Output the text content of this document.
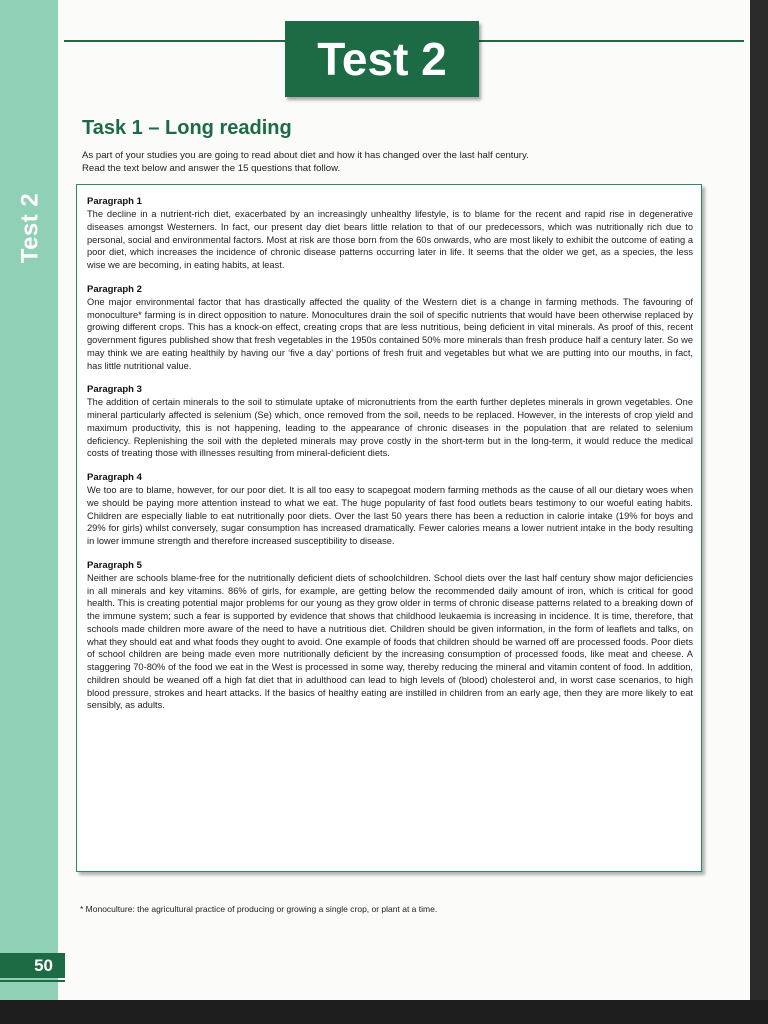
Test 2
Test 2
Task 1 – Long reading
As part of your studies you are going to read about diet and how it has changed over the last half century.
Read the text below and answer the 15 questions that follow.
Paragraph 1
The decline in a nutrient-rich diet, exacerbated by an increasingly unhealthy lifestyle, is to blame for the recent and rapid rise in degenerative diseases amongst Westerners. In fact, our present day diet bears little relation to that of our predecessors, which was nutritionally rich due to personal, social and environmental factors. Most at risk are those born from the 60s onwards, who are most likely to exhibit the outcome of eating a poor diet, which increases the incidence of chronic disease patterns occurring later in life. It seems that the older we get, as a species, the less wise we are becoming, in eating habits, at least.
Paragraph 2
One major environmental factor that has drastically affected the quality of the Western diet is a change in farming methods. The favouring of monoculture* farming is in direct opposition to nature. Monocultures drain the soil of specific nutrients that would have been otherwise replaced by growing different crops. This has a knock-on effect, creating crops that are less nutritious, being deficient in vital minerals. As proof of this, recent government figures published show that fresh vegetables in the 1950s contained 50% more minerals than fresh produce half a century later. So we may think we are eating healthily by having our ‘five a day’ portions of fresh fruit and vegetables but what we are putting into our mouths, in fact, has little nutritional value.
Paragraph 3
The addition of certain minerals to the soil to stimulate uptake of micronutrients from the earth further depletes minerals in grown vegetables. One mineral particularly affected is selenium (Se) which, once removed from the soil, needs to be replaced. However, in the interests of crop yield and maximum productivity, this is not happening, leading to the appearance of chronic diseases in the population that are related to selenium deficiency. Replenishing the soil with the depleted minerals may prove costly in the short-term but in the long-term, it would reduce the medical costs of treating those with illnesses resulting from mineral-deficient diets.
Paragraph 4
We too are to blame, however, for our poor diet. It is all too easy to scapegoat modern farming methods as the cause of all our dietary woes when we should be paying more attention instead to what we eat. The huge popularity of fast food outlets bears testimony to our woeful eating habits. Children are especially liable to eat nutritionally poor diets. Over the last 50 years there has been a reduction in calorie intake (19% for boys and 29% for girls) whilst conversely, sugar consumption has increased dramatically. Fewer calories means a lower nutrient intake in the body resulting in lower immune strength and therefore increased susceptibility to disease.
Paragraph 5
Neither are schools blame-free for the nutritionally deficient diets of schoolchildren. School diets over the last half century show major deficiencies in all minerals and key vitamins. 86% of girls, for example, are getting below the recommended daily amount of iron, which is critical for good health. This is creating potential major problems for our young as they grow older in terms of chronic disease patterns related to a breaking down of the immune system; such a fear is supported by evidence that shows that childhood leukaemia is increasing in incidence. It is time, therefore, that schools made children more aware of the need to have a nutritious diet. Children should be given information, in the form of leaflets and talks, on what they should eat and what foods they ought to avoid. One example of foods that children should be warned off are processed foods. Poor diets of school children are being made even more nutritionally deficient by the increasing consumption of processed foods, like meat and cheese. A staggering 70-80% of the food we eat in the West is processed in some way, thereby reducing the mineral and vitamin content of food. In addition, children should be weaned off a high fat diet that in adulthood can lead to high levels of (blood) cholesterol and, in worst case scenarios, to high blood pressure, strokes and heart attacks. If the basics of healthy eating are instilled in children from an early age, then they are more likely to eat sensibly, as adults.
* Monoculture: the agricultural practice of producing or growing a single crop, or plant at a time.
50
